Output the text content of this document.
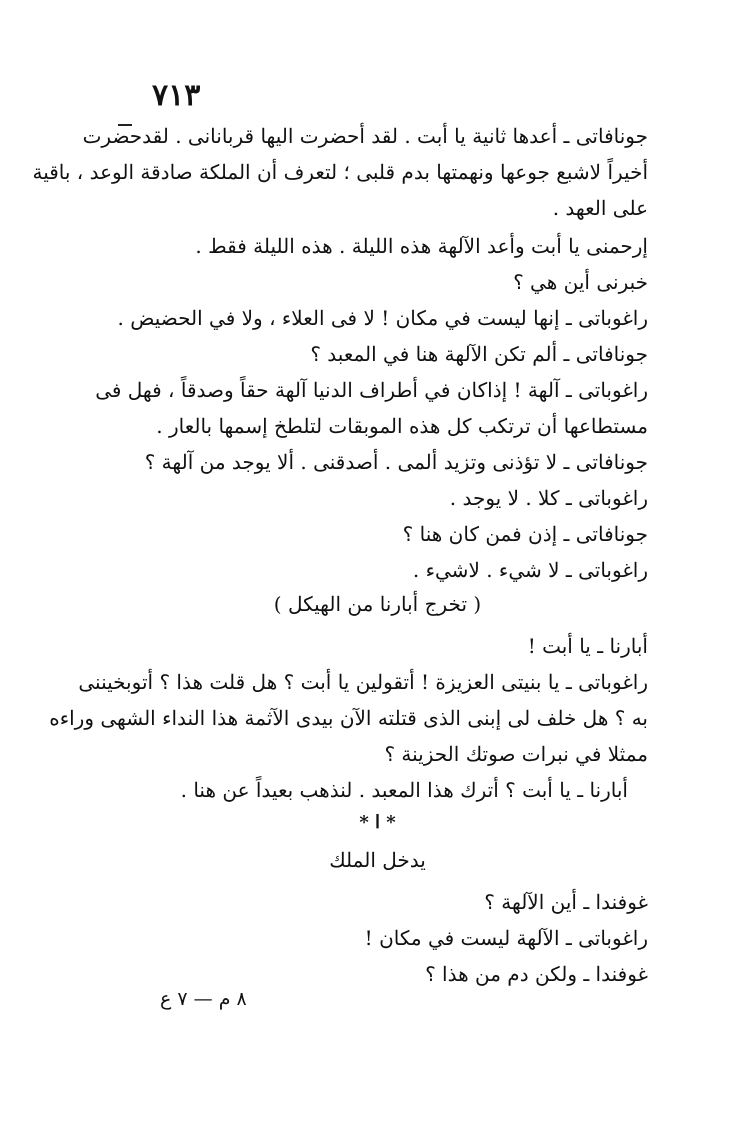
٧١٣
جونافاتى ـ أعدها ثانية يا أبت . لقد أحضرت اليها قربانانى . لقدحضرت
أخيراً لاشبع جوعها ونهمتها بدم قلبى ؛ لتعرف أن الملكة صادقة الوعد ، باقية
على العهد .
إرحمنى يا أبت وأعد الآلهة هذه الليلة . هذه الليلة فقط .
خبرنى أين هي ؟
راغوباتى ـ إنها ليست في مكان ! لا فى العلاء ، ولا في الحضيض .
جونافاتى ـ ألم تكن الآلهة هنا في المعبد ؟
راغوباتى ـ آلهة ! إذاكان في أطراف الدنيا آلهة حقاً وصدقاً ، فهل فى
مستطاعها أن ترتكب كل هذه الموبقات لتلطخ إسمها بالعار .
جونافاتى ـ لا تؤذنى وتزيد ألمى . أصدقنى . ألا يوجد من آلهة ؟
راغوباتى ـ كلا . لا يوجد .
جونافاتى ـ إذن فمن كان هنا ؟
راغوباتى ـ لا شيء . لاشيء .
أبارنا ـ يا أبت !
راغوباتى ـ يا بنيتى العزيزة ! أتقولين يا أبت ؟ هل قلت هذا ؟ أتوبخيننى
به ؟ هل خلف لى إبنى الذى قتلته الآن بيدى الآثمة هذا النداء الشهى وراءه
ممثلا في نبرات صوتك الحزينة ؟
أبارنا ـ يا أبت ؟ أترك هذا المعبد . لنذهب بعيداً عن هنا .
غوفندا ـ أين الآلهة ؟
راغوباتى ـ الآلهة ليست في مكان !
غوفندا ـ ولكن دم من هذا ؟
( تخرج أبارنا من الهيكل )
* ا *
يدخل الملك
٨ م — ٧ ع
